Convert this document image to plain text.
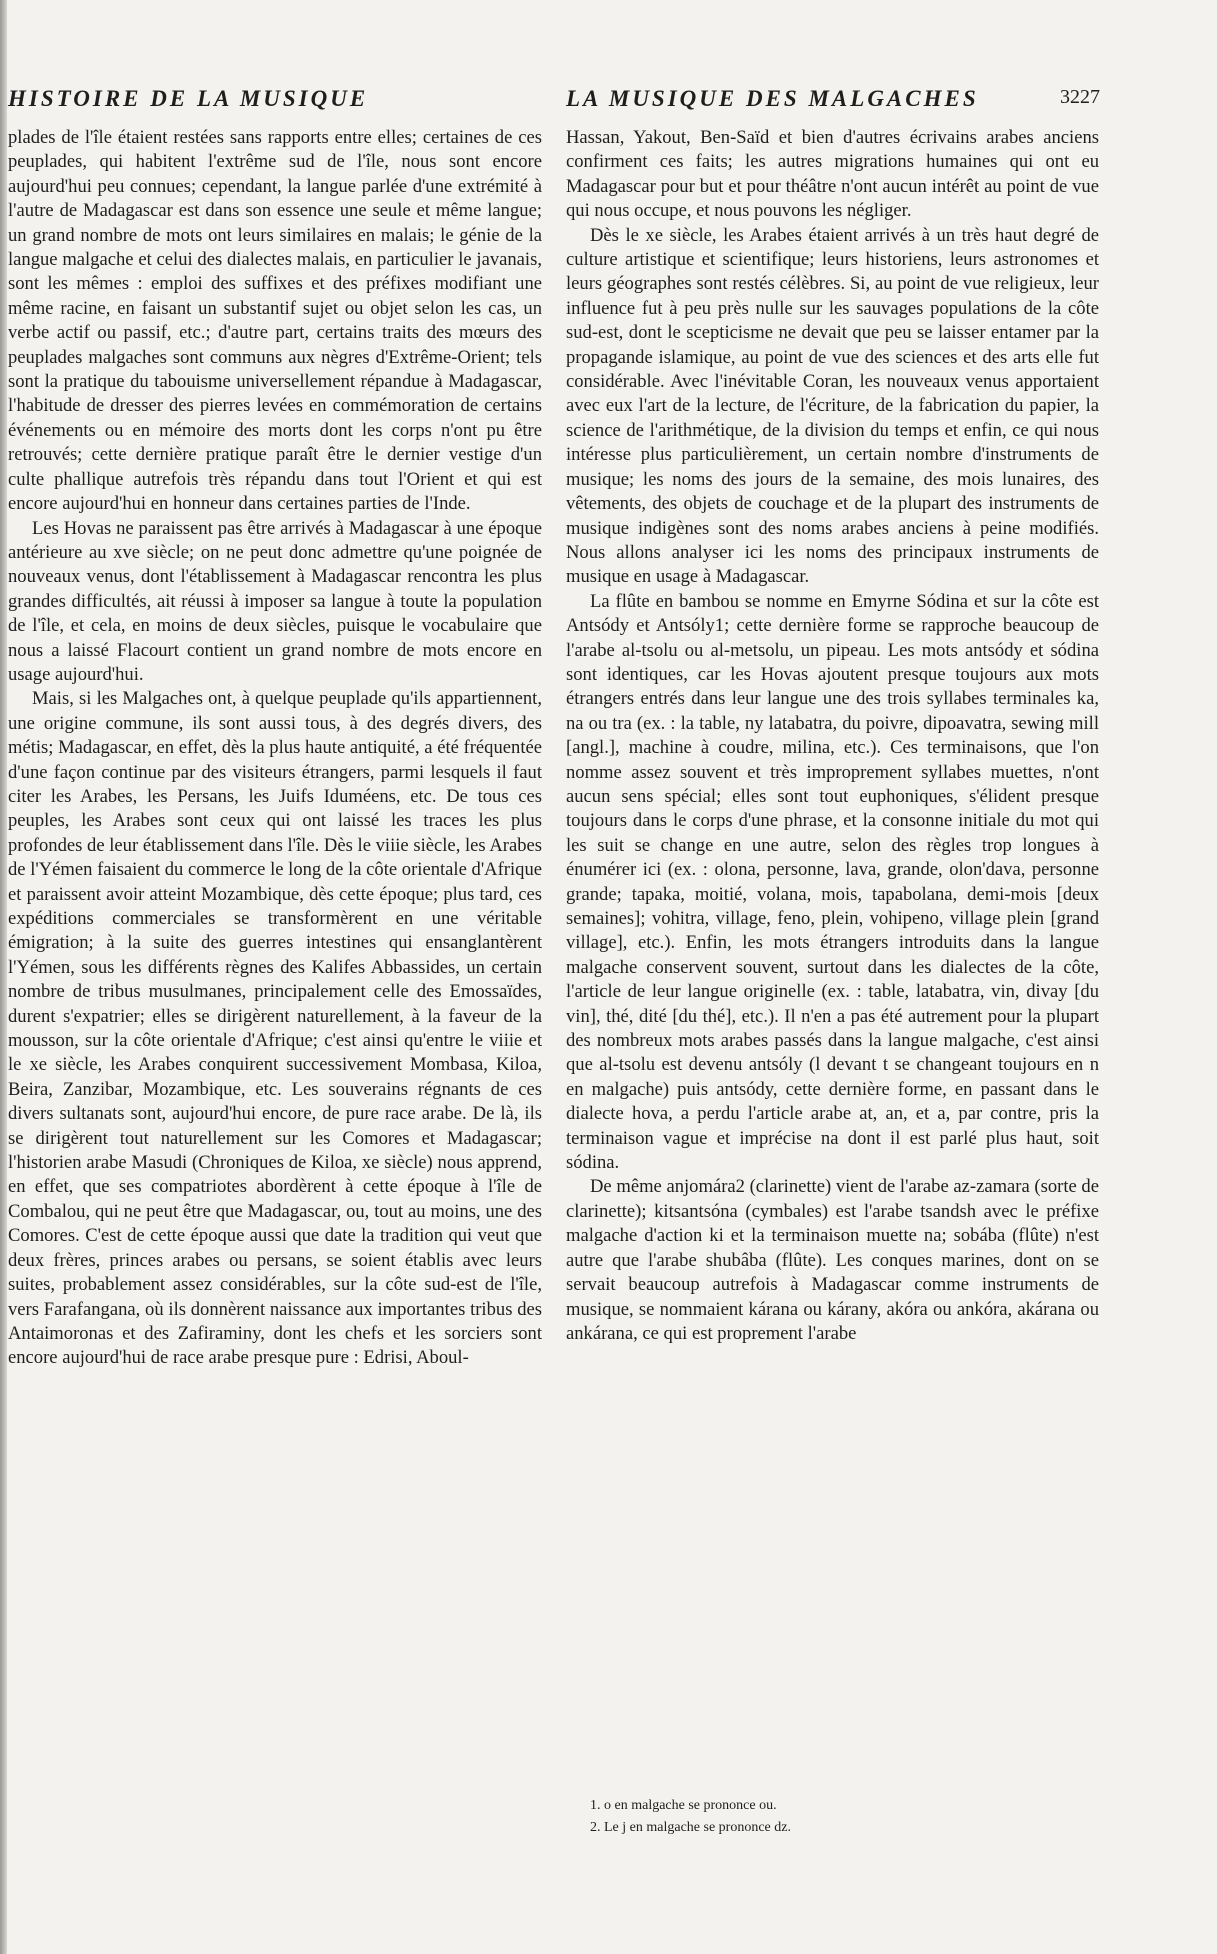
HISTOIRE DE LA MUSIQUE	LA MUSIQUE DES MALGACHES	3227

plades de l'île étaient restées sans rapports entre elles; certaines de ces peuplades, qui habitent l'extrême sud de l'île, nous sont encore aujourd'hui peu connues; cependant, la langue parlée d'une extrémité à l'autre de Madagascar est dans son essence une seule et même langue; un grand nombre de mots ont leurs similaires en malais; le génie de la langue malgache et celui des dialectes malais, en particulier le javanais, sont les mêmes : emploi des suffixes et des préfixes modifiant une même racine, en faisant un substantif sujet ou objet selon les cas, un verbe actif ou passif, etc.; d'autre part, certains traits des mœurs des peuplades malgaches sont communs aux nègres d'Extrême-Orient; tels sont la pratique du tabouisme universellement répandue à Madagascar, l'habitude de dresser des pierres levées en commémoration de certains événements ou en mémoire des morts dont les corps n'ont pu être retrouvés; cette dernière pratique paraît être le dernier vestige d'un culte phallique autrefois très répandu dans tout l'Orient et qui est encore aujourd'hui en honneur dans certaines parties de l'Inde.

Les Hovas ne paraissent pas être arrivés à Madagascar à une époque antérieure au xve siècle; on ne peut donc admettre qu'une poignée de nouveaux venus, dont l'établissement à Madagascar rencontra les plus grandes difficultés, ait réussi à imposer sa langue à toute la population de l'île, et cela, en moins de deux siècles, puisque le vocabulaire que nous a laissé Flacourt contient un grand nombre de mots encore en usage aujourd'hui.

Mais, si les Malgaches ont, à quelque peuplade qu'ils appartiennent, une origine commune, ils sont aussi tous, à des degrés divers, des métis; Madagascar, en effet, dès la plus haute antiquité, a été fréquentée d'une façon continue par des visiteurs étrangers, parmi lesquels il faut citer les Arabes, les Persans, les Juifs Iduméens, etc. De tous ces peuples, les Arabes sont ceux qui ont laissé les traces les plus profondes de leur établissement dans l'île. Dès le viiie siècle, les Arabes de l'Yémen faisaient du commerce le long de la côte orientale d'Afrique et paraissent avoir atteint Mozambique, dès cette époque; plus tard, ces expéditions commerciales se transformèrent en une véritable émigration; à la suite des guerres intestines qui ensanglantèrent l'Yémen, sous les différents règnes des Kalifes Abbassides, un certain nombre de tribus musulmanes, principalement celle des Emossaïdes, durent s'expatrier; elles se dirigèrent naturellement, à la faveur de la mousson, sur la côte orientale d'Afrique; c'est ainsi qu'entre le viiie et le xe siècle, les Arabes conquirent successivement Mombasa, Kiloa, Beira, Zanzibar, Mozambique, etc. Les souverains régnants de ces divers sultanats sont, aujourd'hui encore, de pure race arabe. De là, ils se dirigèrent tout naturellement sur les Comores et Madagascar; l'historien arabe Masudi (Chroniques de Kiloa, xe siècle) nous apprend, en effet, que ses compatriotes abordèrent à cette époque à l'île de Combalou, qui ne peut être que Madagascar, ou, tout au moins, une des Comores. C'est de cette époque aussi que date la tradition qui veut que deux frères, princes arabes ou persans, se soient établis avec leurs suites, probablement assez considérables, sur la côte sud-est de l'île, vers Farafangana, où ils donnèrent naissance aux importantes tribus des Antaimoronas et des Zafiraminy, dont les chefs et les sorciers sont encore aujourd'hui de race arabe presque pure : Edrisi, Aboul-

Hassan, Yakout, Ben-Saïd et bien d'autres écrivains arabes anciens confirment ces faits; les autres migrations humaines qui ont eu Madagascar pour but et pour théâtre n'ont aucun intérêt au point de vue qui nous occupe, et nous pouvons les négliger.

Dès le xe siècle, les Arabes étaient arrivés à un très haut degré de culture artistique et scientifique; leurs historiens, leurs astronomes et leurs géographes sont restés célèbres. Si, au point de vue religieux, leur influence fut à peu près nulle sur les sauvages populations de la côte sud-est, dont le scepticisme ne devait que peu se laisser entamer par la propagande islamique, au point de vue des sciences et des arts elle fut considérable. Avec l'inévitable Coran, les nouveaux venus apportaient avec eux l'art de la lecture, de l'écriture, de la fabrication du papier, la science de l'arithmétique, de la division du temps et enfin, ce qui nous intéresse plus particulièrement, un certain nombre d'instruments de musique; les noms des jours de la semaine, des mois lunaires, des vêtements, des objets de couchage et de la plupart des instruments de musique indigènes sont des noms arabes anciens à peine modifiés. Nous allons analyser ici les noms des principaux instruments de musique en usage à Madagascar.

La flûte en bambou se nomme en Emyrne Sódina et sur la côte est Antsódy et Antsóly1; cette dernière forme se rapproche beaucoup de l'arabe al-tsolu ou al-metsolu, un pipeau. Les mots antsódy et sódina sont identiques, car les Hovas ajoutent presque toujours aux mots étrangers entrés dans leur langue une des trois syllabes terminales ka, na ou tra (ex. : la table, ny latabatra, du poivre, dipoavatra, sewing mill [angl.], machine à coudre, milina, etc.). Ces terminaisons, que l'on nomme assez souvent et très improprement syllabes muettes, n'ont aucun sens spécial; elles sont tout euphoniques, s'élident presque toujours dans le corps d'une phrase, et la consonne initiale du mot qui les suit se change en une autre, selon des règles trop longues à énumérer ici (ex. : olona, personne, lava, grande, olon'dava, personne grande; tapaka, moitié, volana, mois, tapabolana, demi-mois [deux semaines]; vohitra, village, feno, plein, vohipeno, village plein [grand village], etc.). Enfin, les mots étrangers introduits dans la langue malgache conservent souvent, surtout dans les dialectes de la côte, l'article de leur langue originelle (ex. : table, latabatra, vin, divay [du vin], thé, dité [du thé], etc.). Il n'en a pas été autrement pour la plupart des nombreux mots arabes passés dans la langue malgache, c'est ainsi que al-tsolu est devenu antsóly (l devant t se changeant toujours en n en malgache) puis antsódy, cette dernière forme, en passant dans le dialecte hova, a perdu l'article arabe at, an, et a, par contre, pris la terminaison vague et imprécise na dont il est parlé plus haut, soit sódina.

De même anjomára2 (clarinette) vient de l'arabe az-zamara (sorte de clarinette); kitsantsóna (cymbales) est l'arabe tsandsh avec le préfixe malgache d'action ki et la terminaison muette na; sobába (flûte) n'est autre que l'arabe shubâba (flûte). Les conques marines, dont on se servait beaucoup autrefois à Madagascar comme instruments de musique, se nommaient kárana ou kárany, akóra ou ankóra, akárana ou ankárana, ce qui est proprement l'arabe

1. o en malgache se prononce ou.
2. Le j en malgache se prononce dz.
